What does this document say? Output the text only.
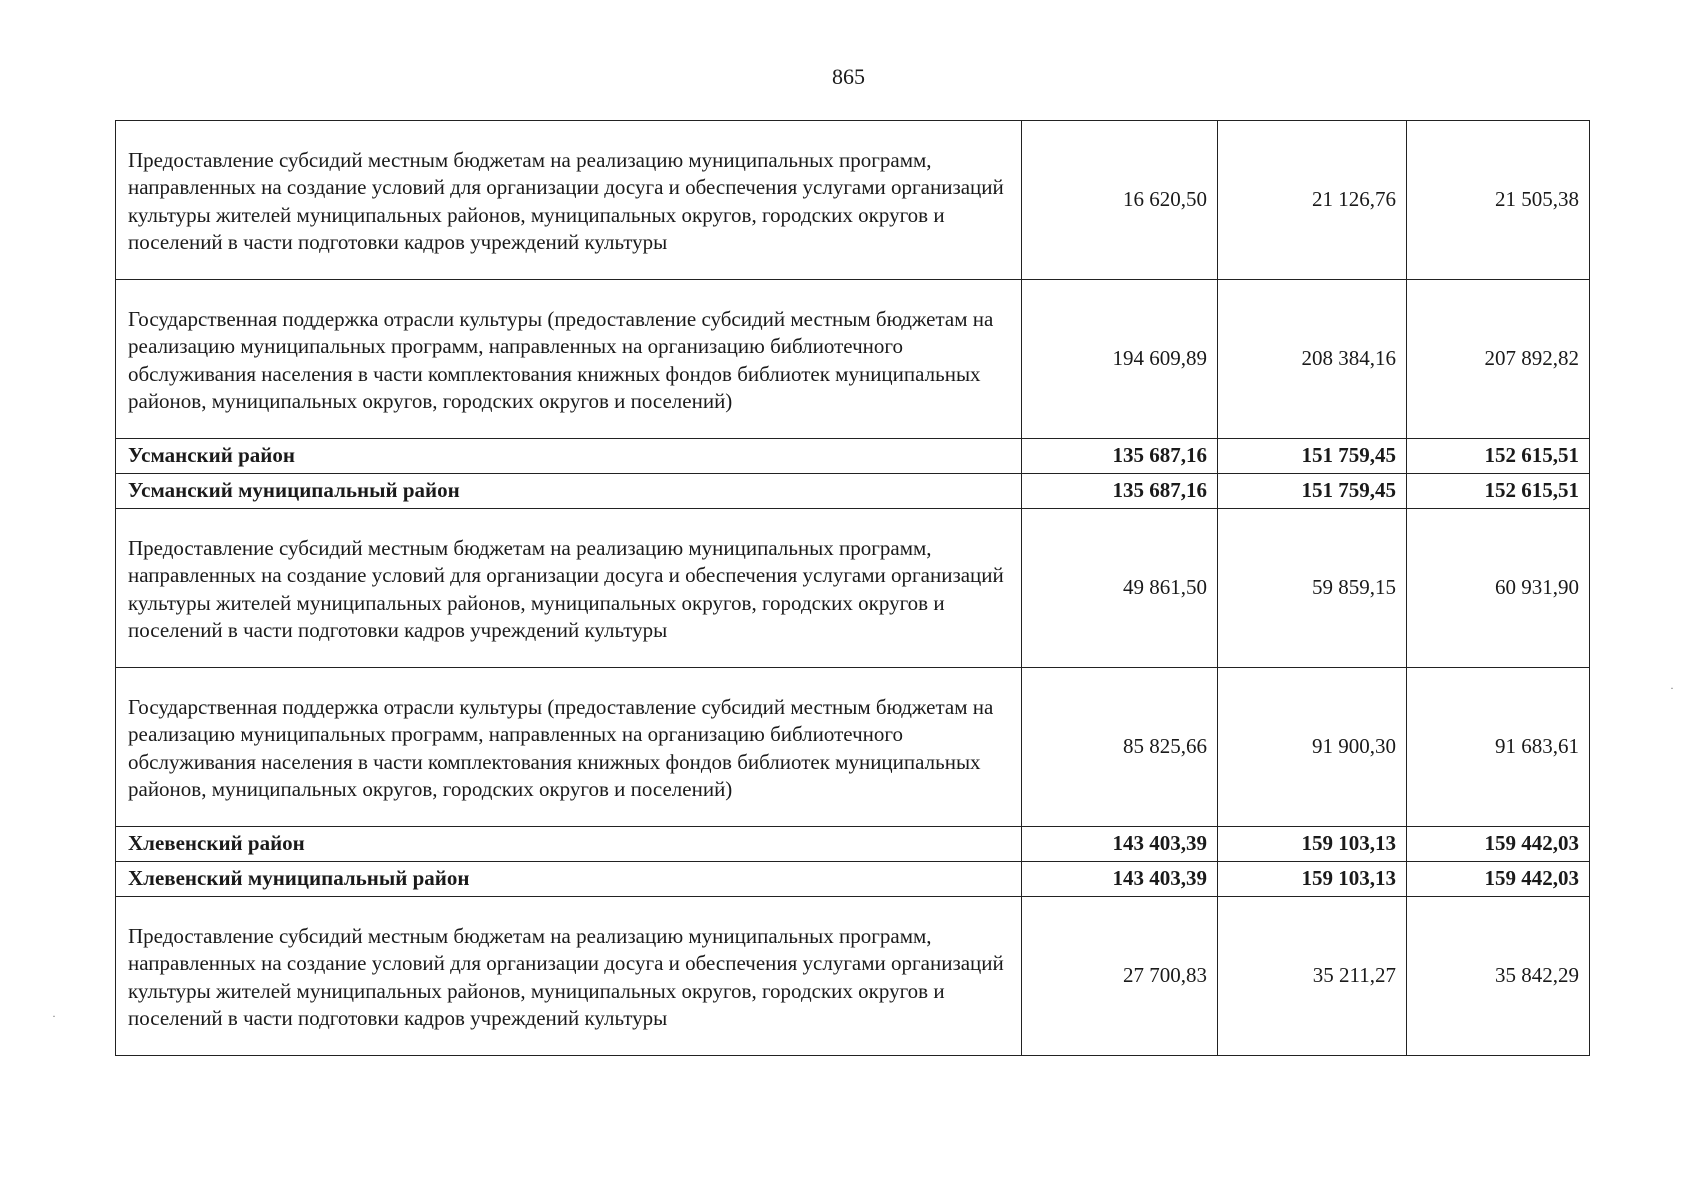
865
Предоставление субсидий местным бюджетам на реализацию муниципальных программ, направленных на создание условий для организации досуга и обеспечения услугами организаций культуры жителей муниципальных районов, муниципальных округов, городских округов и поселений в части подготовки кадров учреждений культуры	16 620,50	21 126,76	21 505,38
Государственная поддержка отрасли культуры (предоставление субсидий местным бюджетам на реализацию муниципальных программ, направленных на организацию библиотечного обслуживания населения в части комплектования книжных фондов библиотек муниципальных районов, муниципальных округов, городских округов и поселений)	194 609,89	208 384,16	207 892,82
Усманский район	135 687,16	151 759,45	152 615,51
Усманский муниципальный район	135 687,16	151 759,45	152 615,51
Предоставление субсидий местным бюджетам на реализацию муниципальных программ, направленных на создание условий для организации досуга и обеспечения услугами организаций культуры жителей муниципальных районов, муниципальных округов, городских округов и поселений в части подготовки кадров учреждений культуры	49 861,50	59 859,15	60 931,90
Государственная поддержка отрасли культуры (предоставление субсидий местным бюджетам на реализацию муниципальных программ, направленных на организацию библиотечного обслуживания населения в части комплектования книжных фондов библиотек муниципальных районов, муниципальных округов, городских округов и поселений)	85 825,66	91 900,30	91 683,61
Хлевенский район	143 403,39	159 103,13	159 442,03
Хлевенский муниципальный район	143 403,39	159 103,13	159 442,03
Предоставление субсидий местным бюджетам на реализацию муниципальных программ, направленных на создание условий для организации досуга и обеспечения услугами организаций культуры жителей муниципальных районов, муниципальных округов, городских округов и поселений в части подготовки кадров учреждений культуры	27 700,83	35 211,27	35 842,29
·
·
